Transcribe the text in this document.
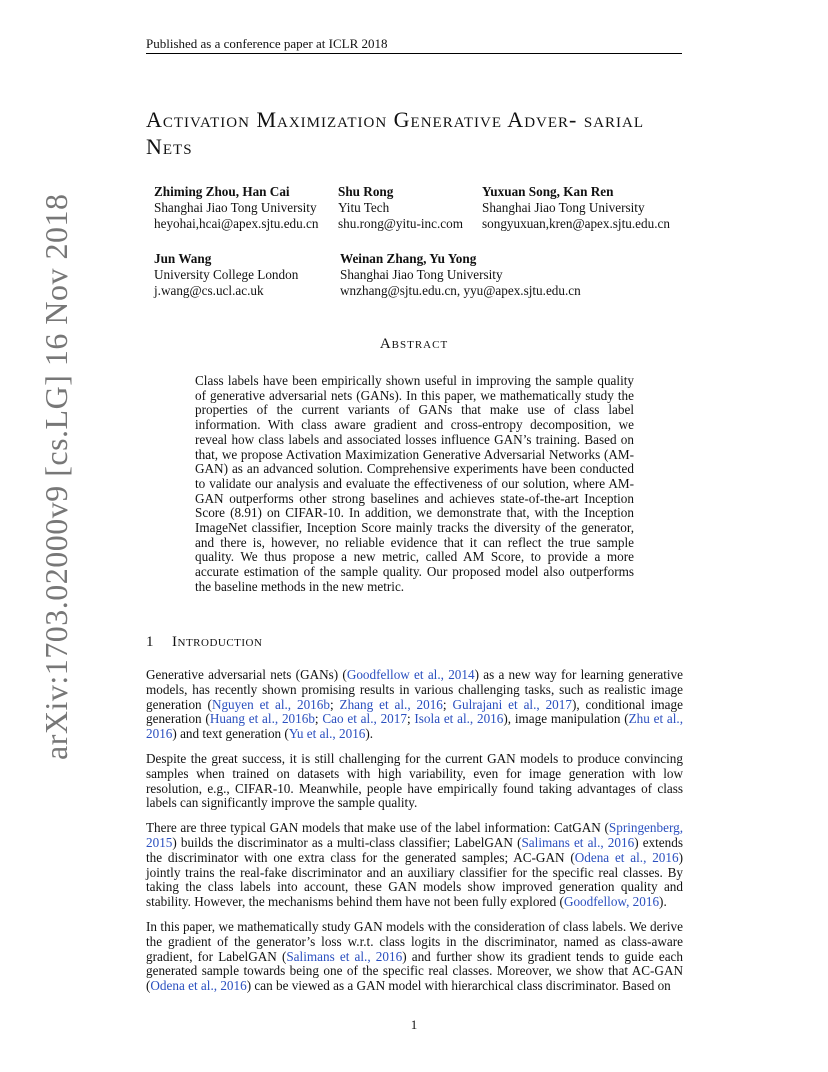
Published as a conference paper at ICLR 2018
arXiv:1703.02000v9 [cs.LG] 16 Nov 2018
Activation Maximization Generative Adver- sarial Nets
Zhiming Zhou, Han Cai
Shanghai Jiao Tong University
heyohai,hcai@apex.sjtu.edu.cn
Shu Rong
Yitu Tech
shu.rong@yitu-inc.com
Yuxuan Song, Kan Ren
Shanghai Jiao Tong University
songyuxuan,kren@apex.sjtu.edu.cn
Jun Wang
University College London
j.wang@cs.ucl.ac.uk
Weinan Zhang, Yu Yong
Shanghai Jiao Tong University
wnzhang@sjtu.edu.cn, yyu@apex.sjtu.edu.cn
Abstract

Class labels have been empirically shown useful in improving the sample quality of generative adversarial nets (GANs). In this paper, we mathematically study the properties of the current variants of GANs that make use of class label information. With class aware gradient and cross-entropy decomposition, we reveal how class labels and associated losses influence GAN’s training. Based on that, we propose Activation Maximization Generative Adversarial Networks (AM-GAN) as an advanced solution. Comprehensive experiments have been conducted to validate our analysis and evaluate the effectiveness of our solution, where AM-GAN outperforms other strong baselines and achieves state-of-the-art Inception Score (8.91) on CIFAR-10. In addition, we demonstrate that, with the Inception ImageNet classifier, Inception Score mainly tracks the diversity of the generator, and there is, however, no reliable evidence that it can reflect the true sample quality. We thus propose a new metric, called AM Score, to provide a more accurate estimation of the sample quality. Our proposed model also outperforms the baseline methods in the new metric.

1 Introduction

Generative adversarial nets (GANs) (Goodfellow et al., 2014) as a new way for learning generative models, has recently shown promising results in various challenging tasks, such as realistic image generation (Nguyen et al., 2016b; Zhang et al., 2016; Gulrajani et al., 2017), conditional image generation (Huang et al., 2016b; Cao et al., 2017; Isola et al., 2016), image manipulation (Zhu et al., 2016) and text generation (Yu et al., 2016).

Despite the great success, it is still challenging for the current GAN models to produce convincing samples when trained on datasets with high variability, even for image generation with low resolution, e.g., CIFAR-10. Meanwhile, people have empirically found taking advantages of class labels can significantly improve the sample quality.

There are three typical GAN models that make use of the label information: CatGAN (Springenberg, 2015) builds the discriminator as a multi-class classifier; LabelGAN (Salimans et al., 2016) extends the discriminator with one extra class for the generated samples; AC-GAN (Odena et al., 2016) jointly trains the real-fake discriminator and an auxiliary classifier for the specific real classes. By taking the class labels into account, these GAN models show improved generation quality and stability. However, the mechanisms behind them have not been fully explored (Goodfellow, 2016).

In this paper, we mathematically study GAN models with the consideration of class labels. We derive the gradient of the generator’s loss w.r.t. class logits in the discriminator, named as class-aware gradient, for LabelGAN (Salimans et al., 2016) and further show its gradient tends to guide each generated sample towards being one of the specific real classes. Moreover, we show that AC-GAN (Odena et al., 2016) can be viewed as a GAN model with hierarchical class discriminator. Based on

1
